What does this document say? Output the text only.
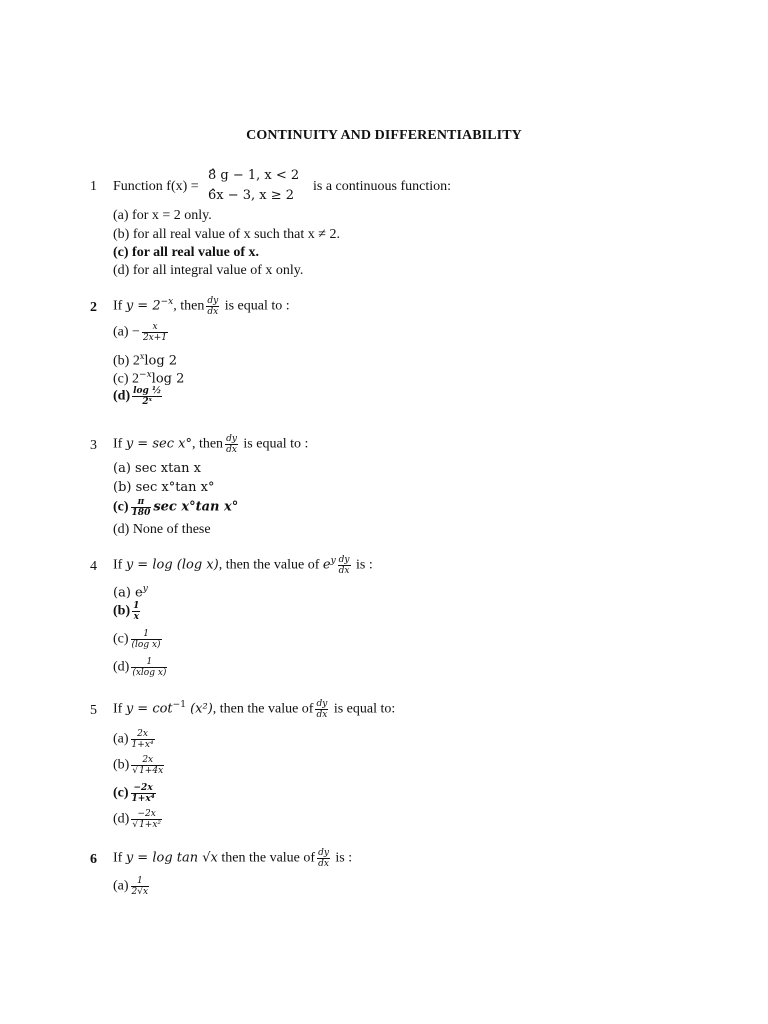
CONTINUITY AND DIFFERENTIABILITY
1 Function f(x) =
8̂ g − 1, x < 2
6̂x − 3, x ≥ 2
is a continuous function:
(a) for x = 2 only.
(b) for all real value of x such that x ≠ 2.
(c) for all real value of x.
(d) for all integral value of x only.
2 If $y = 2^{-x}$, then $\frac{dy}{dx}$ is equal to :
$(a) - \frac{x}{2x+1}$
(b) 2$^x$log 2
(c) $2^{-x}\log$ 2
$(d) \frac{\text{log ½}}{\text{2ˣ}}$
3 If y = sec x°, then $\frac{dy}{dx}$ is equal to :
(a) sec xtan x
(b) sec x°tan x°
$(c) \frac{\pi}{180}$ sec x°tan x°
(d) None of these
4 If y = log (log x), then the value of $e^y \frac{dy}{dx}$ is :
(a) $e^y$
$(b) \frac{1}{x}$
$(c) \frac{1}{\text{(log x)}}$
$(d) \frac{1}{\text{(xlog x)}}$
5 If $y = \cot^{-1} (x^2)$, then the value of $\frac{dy}{dx}$ is equal to:
$(a) \frac{2x}{\text{1+x⁴}}$
$(b) \frac{2x}{√1+4x}$
$(c) \frac{-2x}{\text{1+x⁴}}$
$(d) \frac{-2x}{\text{√1+x²}}$
6 If y = log tan √x then the value of $\frac{dy}{dx}$ is :
$(a) \frac{1}{2√x}$
